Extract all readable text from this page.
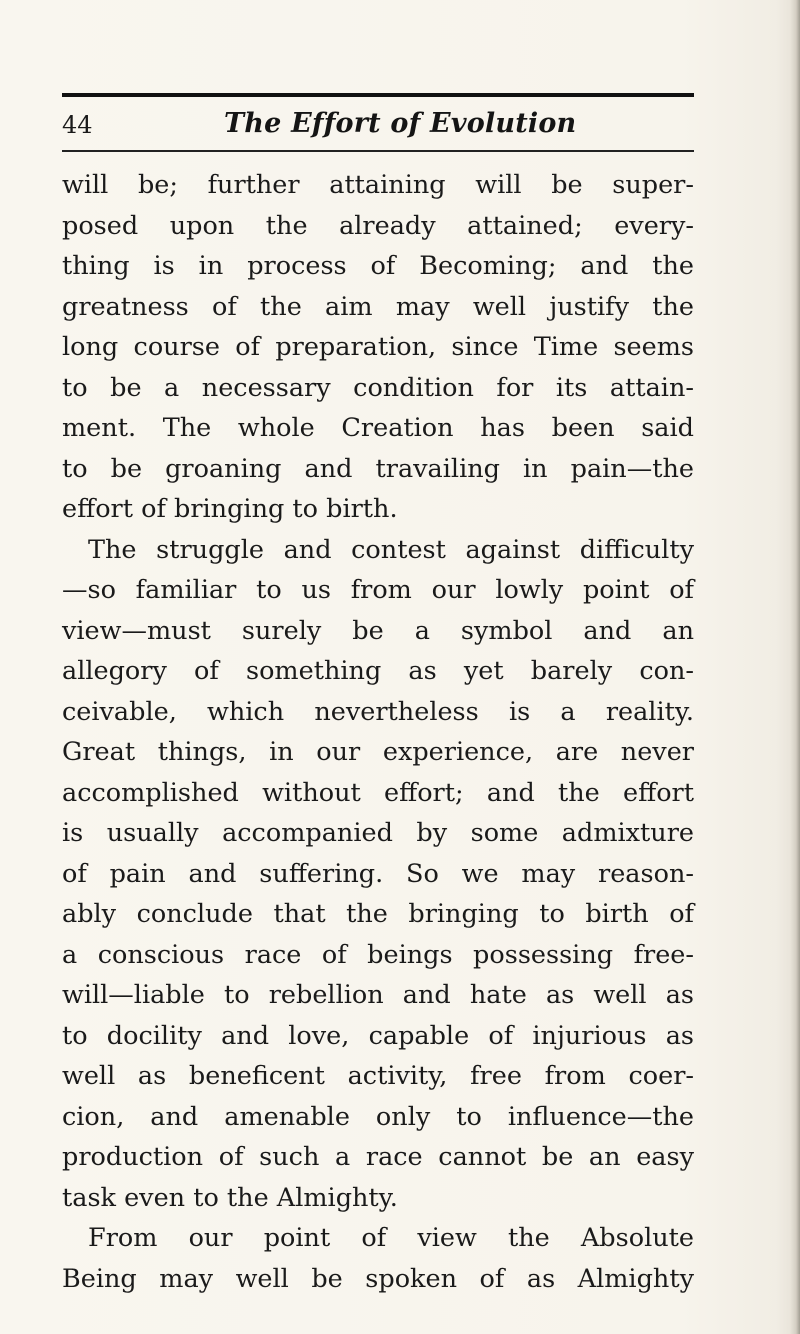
44	The Effort of Evolution
will be; further attaining will be super-
posed upon the already attained; every-
thing is in process of Becoming; and the
greatness of the aim may well justify the
long course of preparation, since Time seems
to be a necessary condition for its attain-
ment. The whole Creation has been said
to be groaning and travailing in pain—the
effort of bringing to birth.
The struggle and contest against difficulty
—so familiar to us from our lowly point of
view—must surely be a symbol and an
allegory of something as yet barely con-
ceivable, which nevertheless is a reality.
Great things, in our experience, are never
accomplished without effort; and the effort
is usually accompanied by some admixture
of pain and suffering. So we may reason-
ably conclude that the bringing to birth of
a conscious race of beings possessing free-
will—liable to rebellion and hate as well as
to docility and love, capable of injurious as
well as beneficent activity, free from coer-
cion, and amenable only to influence—the
production of such a race cannot be an easy
task even to the Almighty.
From our point of view the Absolute
Being may well be spoken of as Almighty
